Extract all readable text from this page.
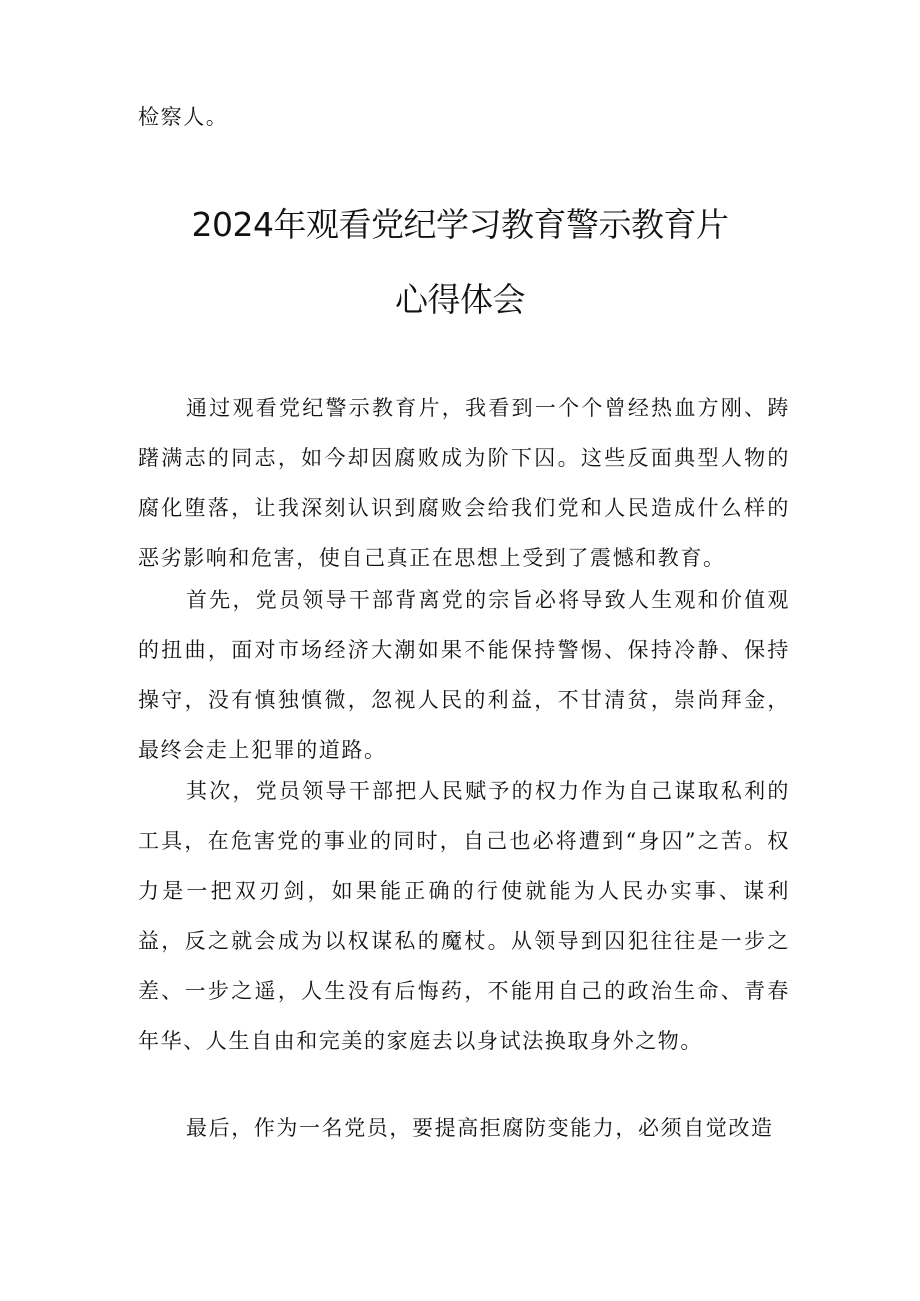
检察人。

2024年观看党纪学习教育警示教育片
心得体会

通过观看党纪警示教育片，我看到一个个曾经热血方刚、踌躇满志的同志，如今却因腐败成为阶下囚。这些反面典型人物的腐化堕落，让我深刻认识到腐败会给我们党和人民造成什么样的恶劣影响和危害，使自己真正在思想上受到了震憾和教育。

首先，党员领导干部背离党的宗旨必将导致人生观和价值观的扭曲，面对市场经济大潮如果不能保持警惕、保持冷静、保持操守，没有慎独慎微，忽视人民的利益，不甘清贫，崇尚拜金，最终会走上犯罪的道路。

其次，党员领导干部把人民赋予的权力作为自己谋取私利的工具，在危害党的事业的同时，自己也必将遭到“身囚”之苦。权力是一把双刃剑，如果能正确的行使就能为人民办实事、谋利益，反之就会成为以权谋私的魔杖。从领导到囚犯往往是一步之差、一步之遥，人生没有后悔药，不能用自己的政治生命、青春年华、人生自由和完美的家庭去以身试法换取身外之物。

最后，作为一名党员，要提高拒腐防变能力，必须自觉改造
